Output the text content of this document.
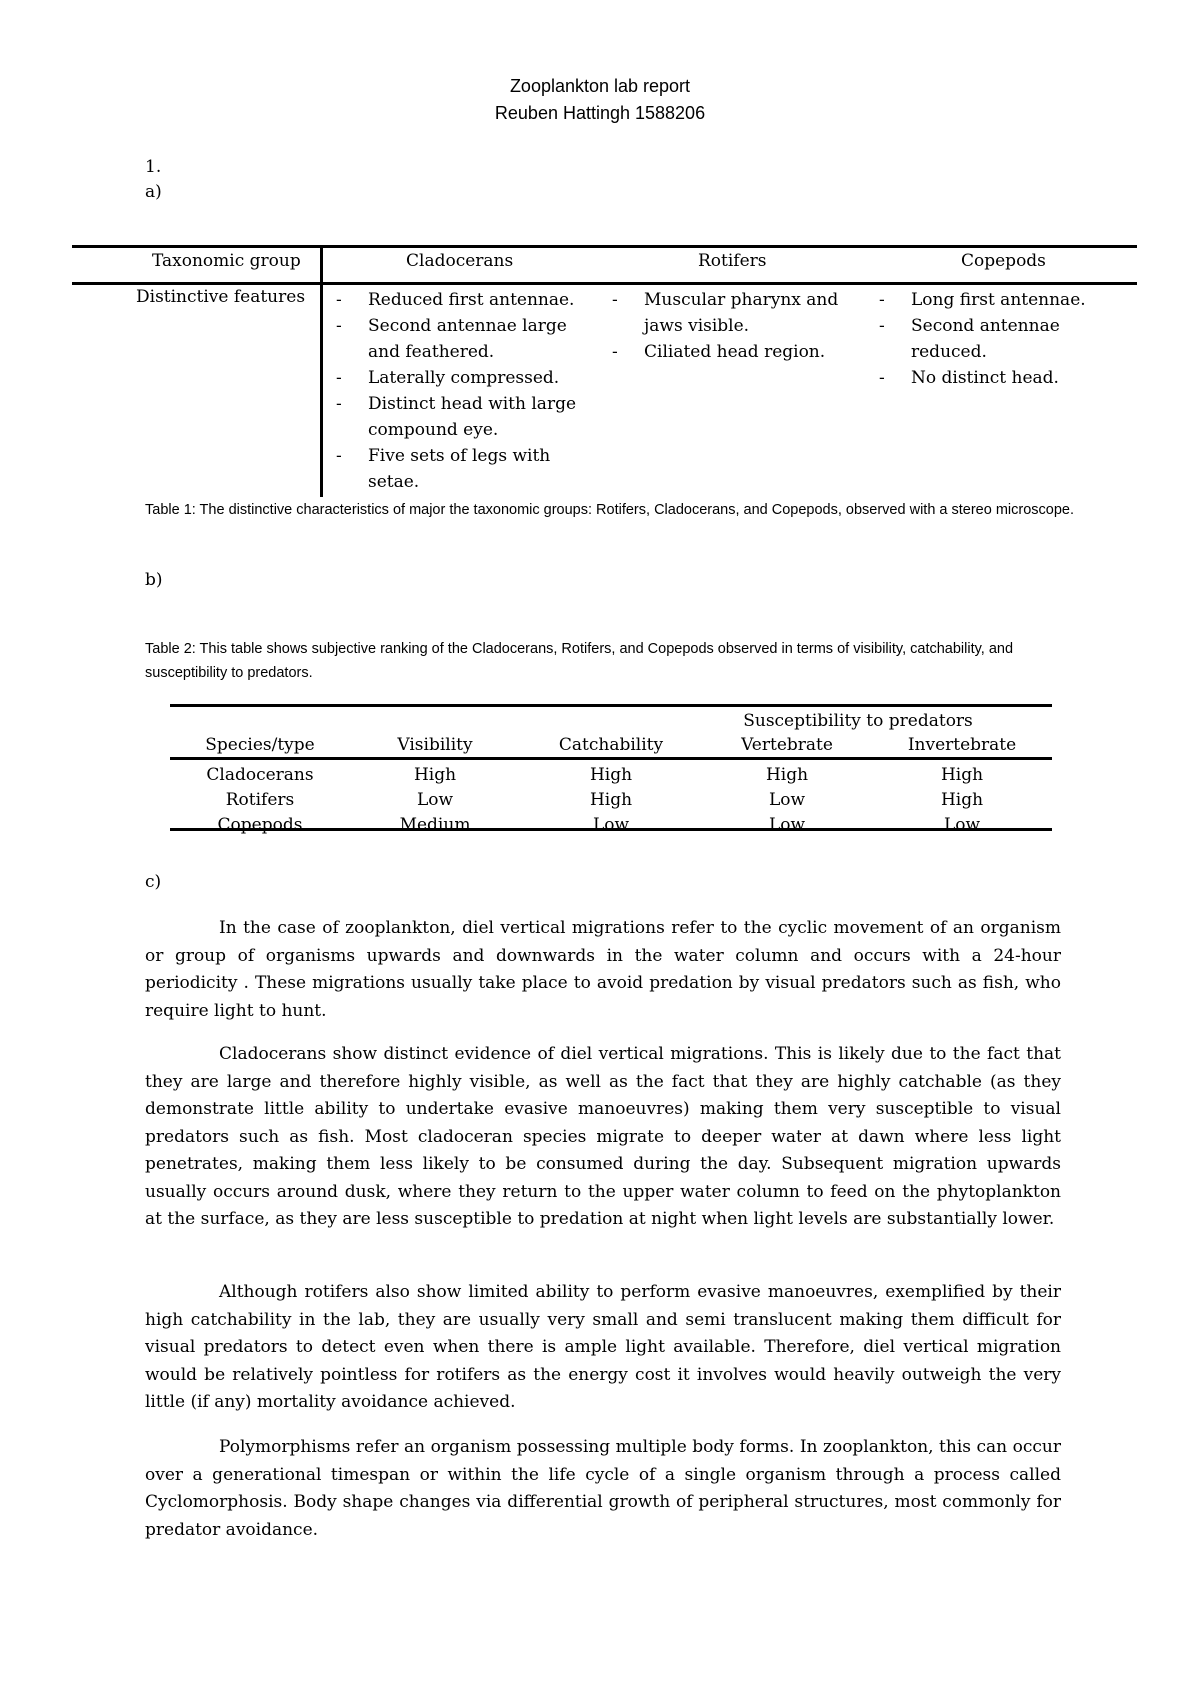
Zooplankton lab report
Reuben Hattingh 1588206
1.
a)
Taxonomic group	Cladocerans	Rotifers	Copepods
Distinctive features
-	Reduced first antennae.
- Second antennae large and feathered.
- Laterally compressed.
- Distinct head with large compound eye.
- Five sets of legs with setae.
- Muscular pharynx and jaws visible.
- Ciliated head region.
- Long first antennae.
- Second antennae reduced.
- No distinct head.
Table 1: The distinctive characteristics of major the taxonomic groups: Rotifers, Cladocerans, and Copepods, observed with a stereo microscope.
b)
Table 2: This table shows subjective ranking of the Cladocerans, Rotifers, and Copepods observed in terms of visibility, catchability, and susceptibility to predators.
Susceptibility to predators
Species/type	Visibility	Catchability	Vertebrate	Invertebrate
Cladocerans	High	High	High	High
Rotifers	Low	High	Low	High
Copepods	Medium	Low	Low	Low
c)

In the case of zooplankton, diel vertical migrations refer to the cyclic movement of an organism or group of organisms upwards and downwards in the water column and occurs with a 24-hour periodicity . These migrations usually take place to avoid predation by visual predators such as fish, who require light to hunt.

Cladocerans show distinct evidence of diel vertical migrations. This is likely due to the fact that they are large and therefore highly visible, as well as the fact that they are highly catchable (as they demonstrate little ability to undertake evasive manoeuvres) making them very susceptible to visual predators such as fish. Most cladoceran species migrate to deeper water at dawn where less light penetrates, making them less likely to be consumed during the day. Subsequent migration upwards usually occurs around dusk, where they return to the upper water column to feed on the phytoplankton at the surface, as they are less susceptible to predation at night when light levels are substantially lower.

Although rotifers also show limited ability to perform evasive manoeuvres, exemplified by their high catchability in the lab, they are usually very small and semi translucent making them difficult for visual predators to detect even when there is ample light available. Therefore, diel vertical migration would be relatively pointless for rotifers as the energy cost it involves would heavily outweigh the very little (if any) mortality avoidance achieved.

Polymorphisms refer an organism possessing multiple body forms. In zooplankton, this can occur over a generational timespan or within the life cycle of a single organism through a process called Cyclomorphosis. Body shape changes via differential growth of peripheral structures, most commonly for predator avoidance.
